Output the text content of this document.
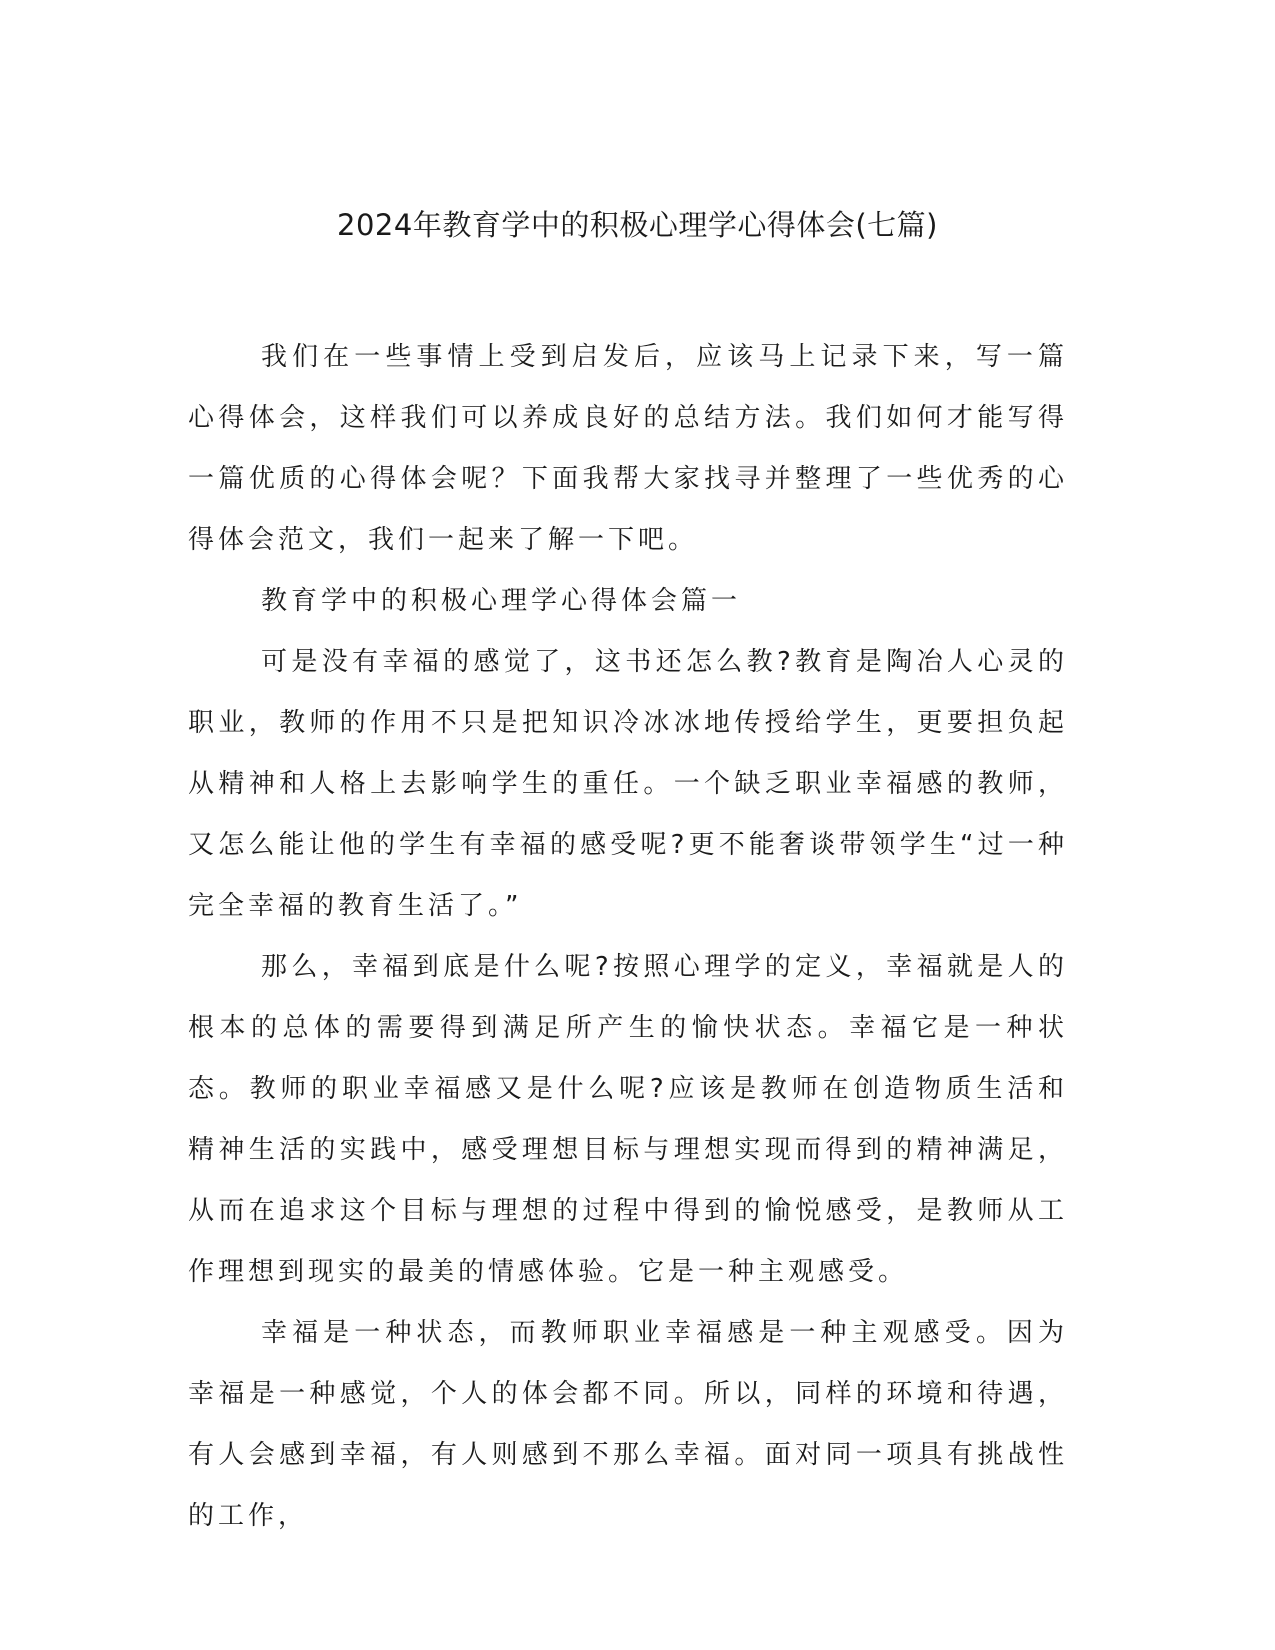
2024年教育学中的积极心理学心得体会(七篇)

我们在一些事情上受到启发后，应该马上记录下来，写一篇心得体会，这样我们可以养成良好的总结方法。我们如何才能写得一篇优质的心得体会呢？下面我帮大家找寻并整理了一些优秀的心得体会范文，我们一起来了解一下吧。

教育学中的积极心理学心得体会篇一

可是没有幸福的感觉了，这书还怎么教?教育是陶冶人心灵的职业，教师的作用不只是把知识冷冰冰地传授给学生，更要担负起从精神和人格上去影响学生的重任。一个缺乏职业幸福感的教师，又怎么能让他的学生有幸福的感受呢?更不能奢谈带领学生“过一种完全幸福的教育生活了。”

那么，幸福到底是什么呢?按照心理学的定义，幸福就是人的根本的总体的需要得到满足所产生的愉快状态。幸福它是一种状态。教师的职业幸福感又是什么呢?应该是教师在创造物质生活和精神生活的实践中，感受理想目标与理想实现而得到的精神满足，从而在追求这个目标与理想的过程中得到的愉悦感受，是教师从工作理想到现实的最美的情感体验。它是一种主观感受。

幸福是一种状态，而教师职业幸福感是一种主观感受。因为幸福是一种感觉，个人的体会都不同。所以，同样的环境和待遇，有人会感到幸福，有人则感到不那么幸福。面对同一项具有挑战性的工作，
